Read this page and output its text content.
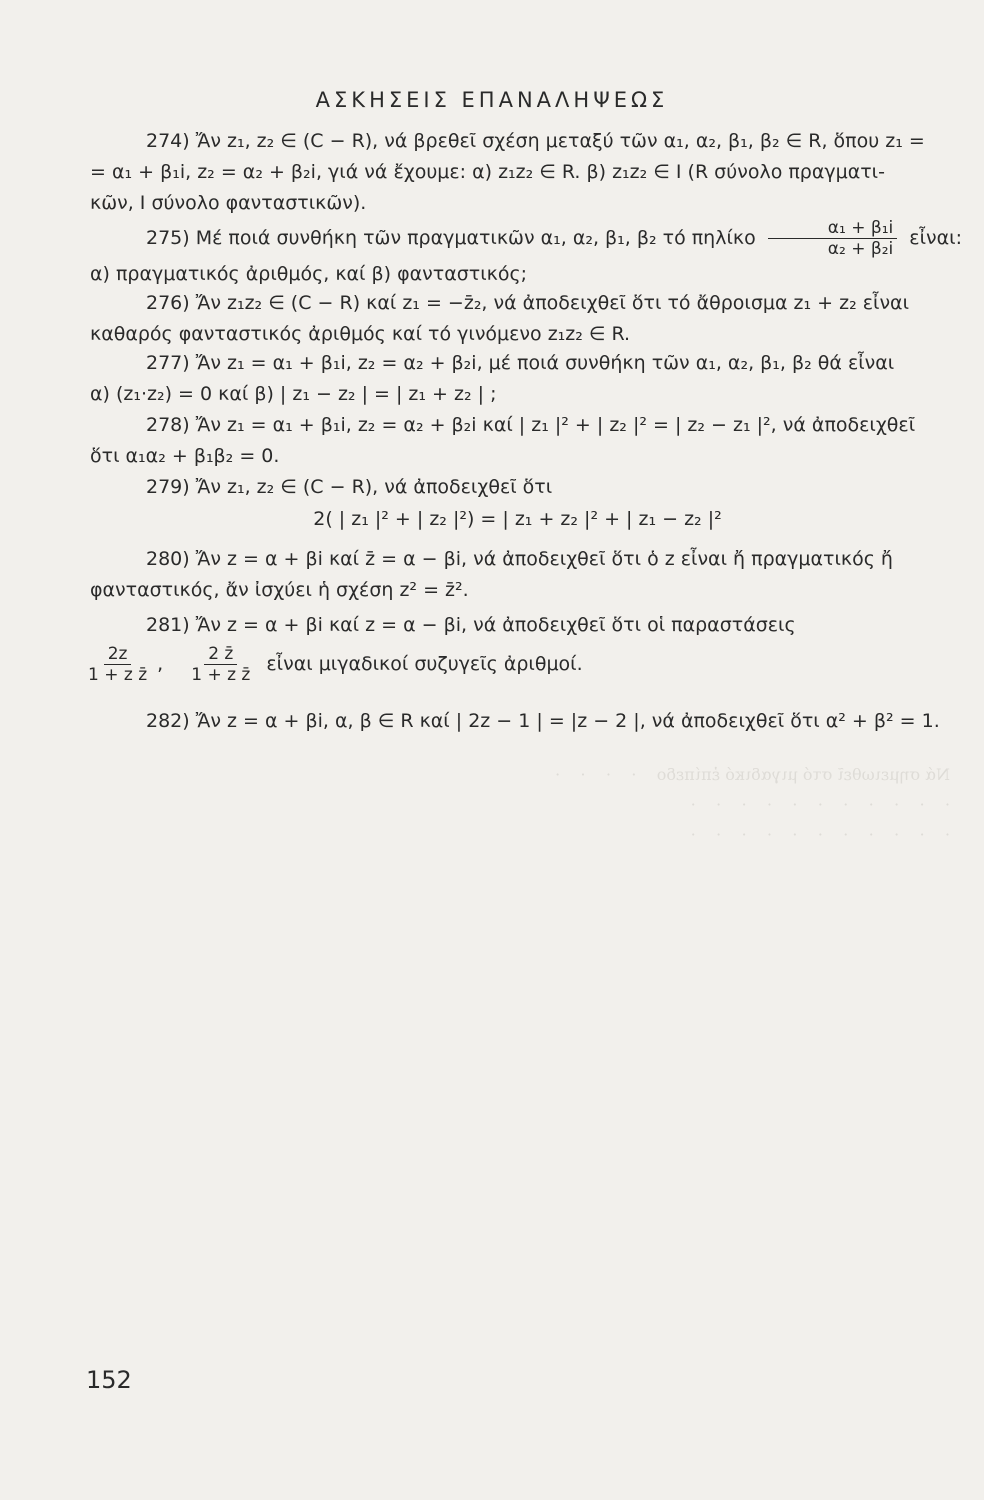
Νά σημειωθεῖ στό μιγαδικό ἐπίπεδο    ·    ·    ·    ·
·    ·    ·    ·    ·    ·    ·    ·    ·    ·    ·
·    ·    ·    ·    ·    ·    ·    ·    ·    ·    ·
ΑΣΚΗΣΕΙΣ ΕΠΑΝΑΛΗΨΕΩΣ
274) Ἄν z₁, z₂ ∈ (C − R), νά βρεθεῖ σχέση μεταξύ τῶν α₁, α₂, β₁, β₂ ∈ R, ὅπου z₁ =
= α₁ + β₁i, z₂ = α₂ + β₂i, γιά νά ἔχουμε: α) z₁z₂ ∈ R. β) z₁z₂ ∈ I (R σύνολο πραγματι-
κῶν, I σύνολο φανταστικῶν).
275) Μέ ποιά συνθήκη τῶν πραγματικῶν α₁, α₂, β₁, β₂ τό πηλίκο $\frac{\text{α₁ + β₁i}}{\text{α₂ + β₂i}}$ εἶναι:
α) πραγματικός ἀριθμός, καί β) φανταστικός;
276) Ἄν z₁z₂ ∈ (C − R) καί z₁ = −z̄₂, νά ἀποδειχθεῖ ὅτι τό ἄθροισμα z₁ + z₂ εἶναι
καθαρός φανταστικός ἀριθμός καί τό γινόμενο z₁z₂ ∈ R.
277) Ἄν z₁ = α₁ + β₁i, z₂ = α₂ + β₂i, μέ ποιά συνθήκη τῶν α₁, α₂, β₁, β₂ θά εἶναι
α) (z₁·z₂) = 0 καί β) | z₁ − z₂ | = | z₁ + z₂ | ;
278) Ἄν z₁ = α₁ + β₁i, z₂ = α₂ + β₂i καί | z₁ |² + | z₂ |² = | z₂ − z₁ |², νά ἀποδειχθεῖ
ὅτι α₁α₂ + β₁β₂ = 0.
279) Ἄν z₁, z₂ ∈ (C − R), νά ἀποδειχθεῖ ὅτι
2( | z₁ |² + | z₂ |²) = | z₁ + z₂ |² + | z₁ − z₂ |²
280) Ἄν z = α + βi καί z̄ = α − βi, νά ἀποδειχθεῖ ὅτι ὁ z εἶναι ἤ πραγματικός ἤ
φανταστικός, ἄν ἰσχύει ἡ σχέση z² = z̄².
281) Ἄν z = α + βi καί z = α − βi, νά ἀποδειχθεῖ ὅτι οἱ παραστάσεις
$\frac{2z}{\text{1 + z z̄}}$ , $\frac{2 z̄}{\text{1 + z z̄}}$ εἶναι μιγαδικοί συζυγεῖς ἀριθμοί.
282) Ἄν z = α + βi, α, β ∈ R καί | 2z − 1 | = |z − 2 |, νά ἀποδειχθεῖ ὅτι α² + β² = 1.
152
